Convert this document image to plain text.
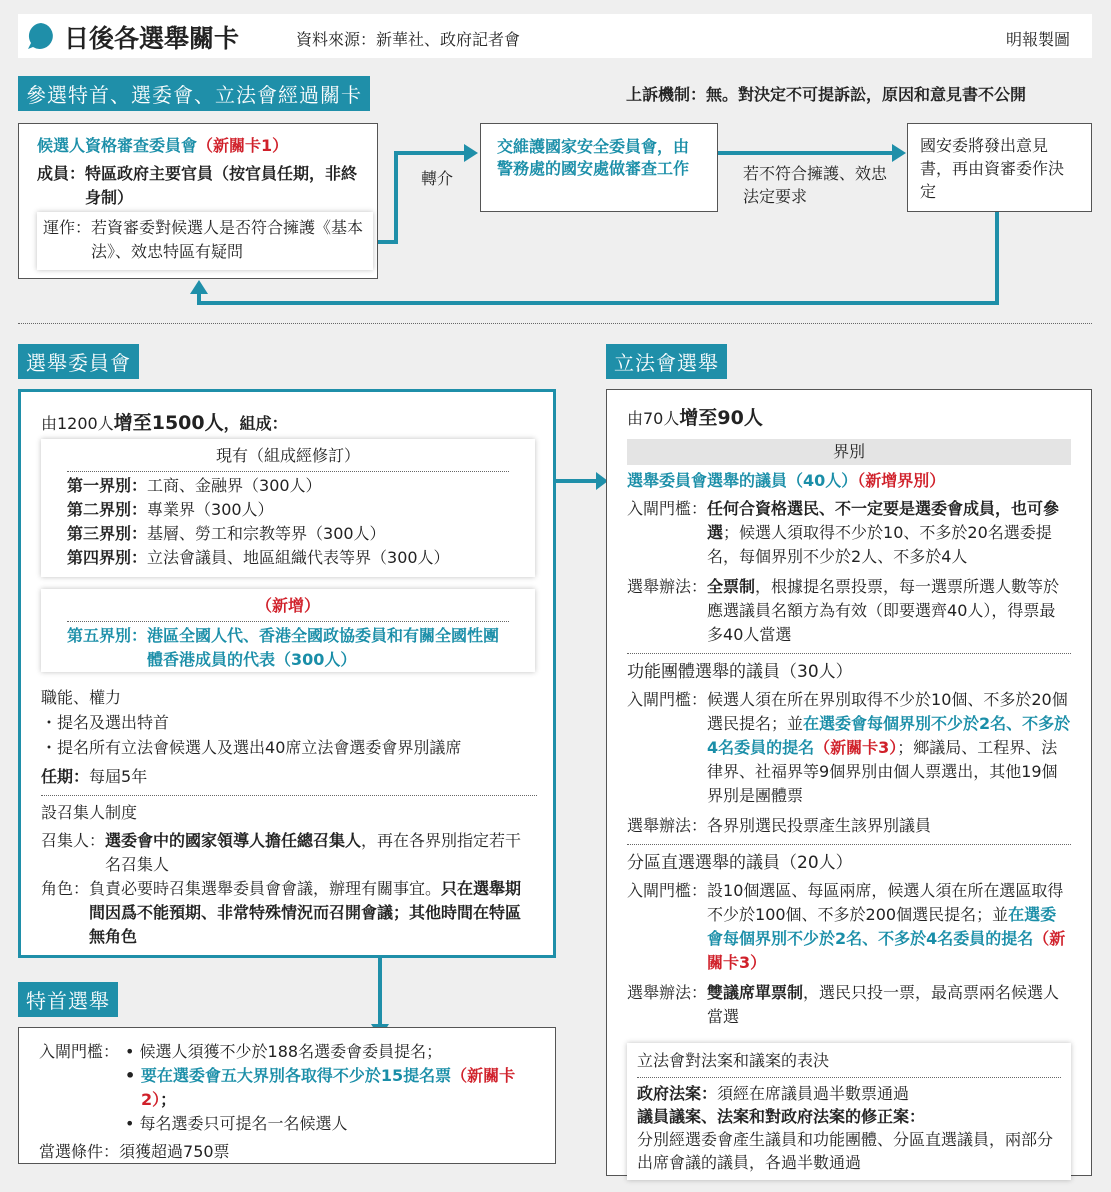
日後各選舉關卡	資料來源：新華社、政府記者會	明報製圖
參選特首、選委會、立法會經過關卡	上訴機制：無。對決定不可提訴訟，原因和意見書不公開
候選人資格審查委員會（新關卡1）
成員： 特區政府主要官員（按官員任期，非終身制）
運作： 若資審委對候選人是否符合擁護《基本法》、效忠特區有疑問
轉介
交維護國家安全委員會，由警務處的國安處做審查工作	若不符合擁護、效忠法定要求
國安委將發出意見書，再由資審委作決定
選舉委員會
由1200人增至1500人，組成：
現有（組成經修訂）
第一界別： 工商、金融界（300人）
第二界別： 專業界（300人）
第三界別： 基層、勞工和宗教等界（300人）
第四界別： 立法會議員、地區組織代表等界（300人）
（新增）
第五界別： 港區全國人代、香港全國政協委員和有關全國性團體香港成員的代表（300人）
職能、權力
・提名及選出特首
・提名所有立法會候選人及選出40席立法會選委會界別議席
任期：每屆5年
設召集人制度
召集人： 選委會中的國家領導人擔任總召集人，再在各界別指定若干名召集人
角色： 負責必要時召集選舉委員會會議，辦理有關事宜。只在選舉期間因爲不能預期、非常特殊情況而召開會議；其他時間在特區無角色
特首選舉
入閘門檻： • 候選人須獲不少於188名選委會委員提名；
• 要在選委會五大界別各取得不少於15提名票（新關卡2）；
• 每名選委只可提名一名候選人
當選條件： 須獲超過750票
立法會選舉
由70人增至90人
界別
選舉委員會選舉的議員（40人）（新增界別）
入閘門檻： 任何合資格選民、不一定要是選委會成員，也可參選；候選人須取得不少於10、不多於20名選委提名，每個界別不少於2人、不多於4人
選舉辦法： 全票制，根據提名票投票，每一選票所選人數等於應選議員名額方為有效（即要選齊40人），得票最多40人當選
功能團體選舉的議員（30人）
入閘門檻： 候選人須在所在界別取得不少於10個、不多於20個選民提名；並在選委會每個界別不少於2名、不多於4名委員的提名（新關卡3）；鄉議局、工程界、法律界、社福界等9個界別由個人票選出，其他19個界別是團體票
選舉辦法： 各界別選民投票產生該界別議員
分區直選選舉的議員（20人）
入閘門檻： 設10個選區、每區兩席，候選人須在所在選區取得不少於100個、不多於200個選民提名；並在選委會每個界別不少於2名、不多於4名委員的提名（新關卡3）
選舉辦法： 雙議席單票制，選民只投一票，最高票兩名候選人當選
立法會對法案和議案的表決
政府法案：須經在席議員過半數票通過
議員議案、法案和對政府法案的修正案：
分別經選委會產生議員和功能團體、分區直選議員，兩部分出席會議的議員，各過半數通過
